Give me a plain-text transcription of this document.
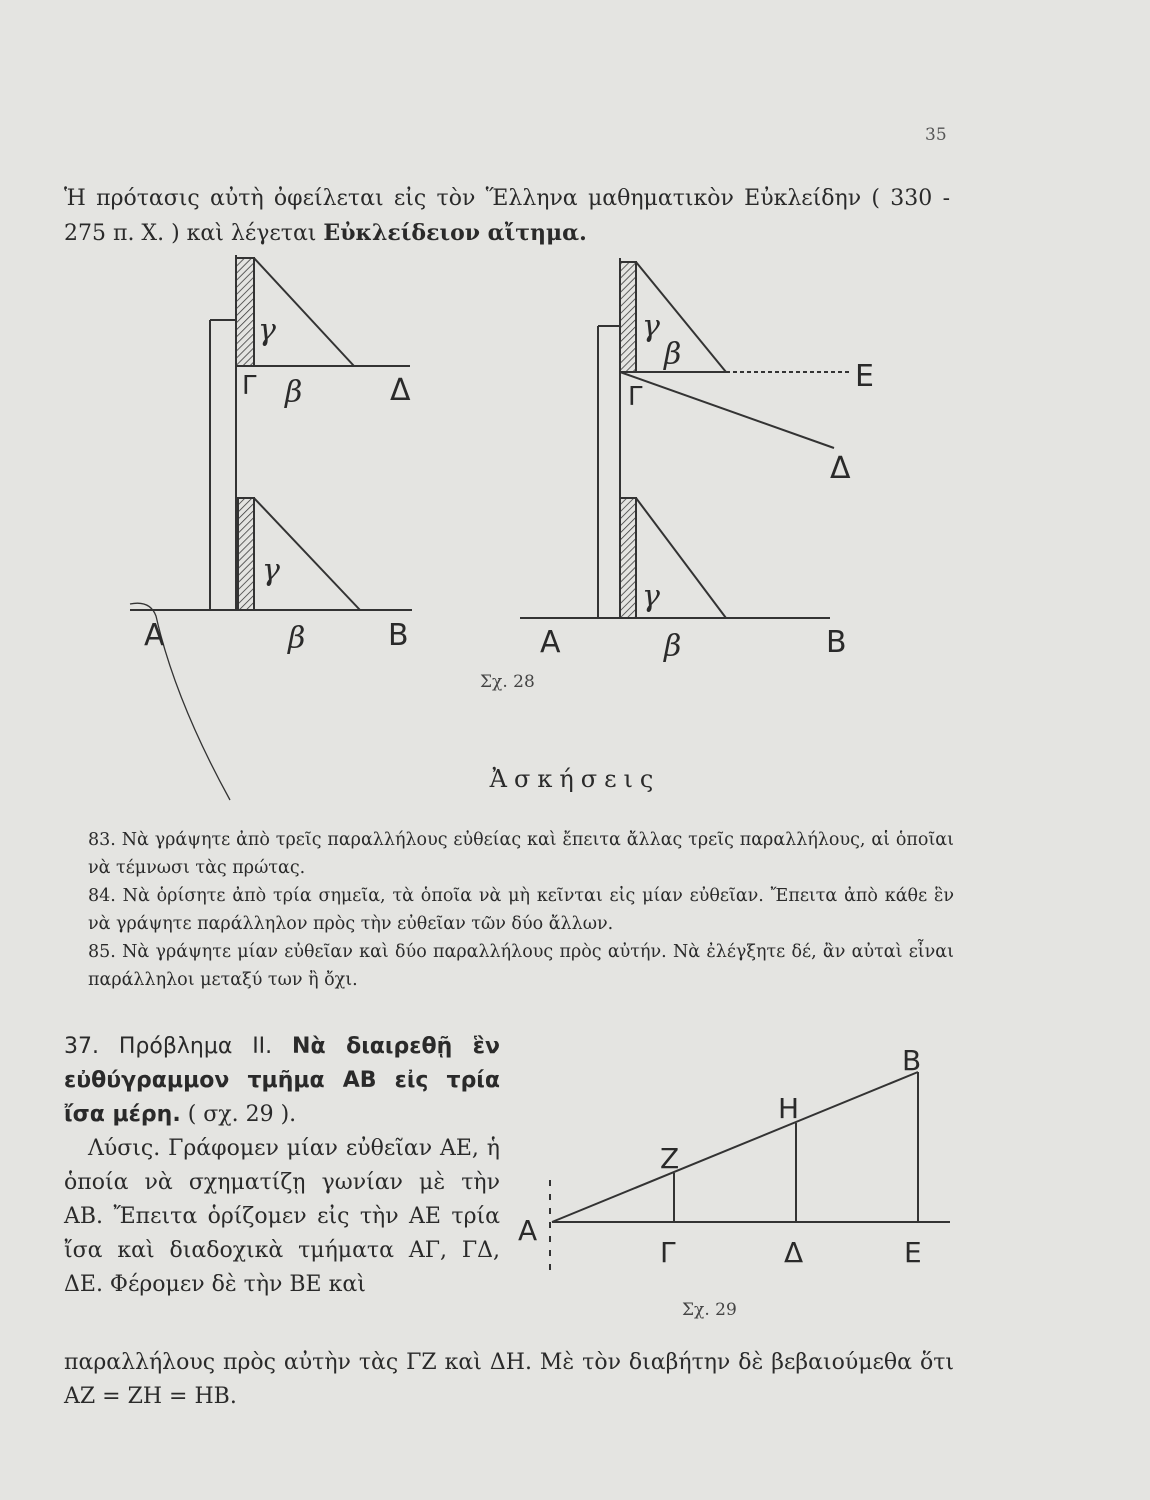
35
Ἡ πρότασις αὐτὴ ὀφείλεται εἰς τὸν Ἕλληνα μαθηματικὸν Εὐκλείδην ( 330 - 275 π. Χ. ) καὶ λέγεται Εὐκλείδειον αἴτημα.
γ
Γ β	Δ
γ
Α	β	Β
γ
β
Ε
Γ
Δ
γ
Α	β	Β
Σχ. 28
Ἀσκήσεις

83. Νὰ γράψητε ἀπὸ τρεῖς παραλλήλους εὐθείας καὶ ἔπειτα ἄλλας τρεῖς παραλλήλους, αἱ ὁποῖαι νὰ τέμνωσι τὰς πρώτας.

84. Νὰ ὁρίσητε ἀπὸ τρία σημεῖα, τὰ ὁποῖα νὰ μὴ κεῖνται εἰς μίαν εὐθεῖαν. Ἔπειτα ἀπὸ κάθε ἓν νὰ γράψητε παράλληλον πρὸς τὴν εὐθεῖαν τῶν δύο ἄλλων.

85. Νὰ γράψητε μίαν εὐθεῖαν καὶ δύο παραλλήλους πρὸς αὐτήν. Νὰ ἐλέγξητε δέ, ἂν αὐταὶ εἶναι παράλληλοι μεταξύ των ἢ ὄχι.

37. Πρόβλημα ΙΙ. Νὰ διαιρεθῇ ἓν εὐθύγραμμον τμῆμα ΑΒ εἰς τρία ἴσα μέρη. ( σχ. 29 ).

Λύσις. Γράφομεν μίαν εὐθεῖαν ΑΕ, ἡ ὁποία νὰ σχηματίζῃ γωνίαν μὲ τὴν ΑΒ. Ἔπειτα ὁρίζομεν εἰς τὴν ΑΕ τρία ἴσα καὶ διαδοχικὰ τμήματα ΑΓ, ΓΔ, ΔΕ. Φέρομεν δὲ τὴν ΒΕ καὶ

παραλλήλους πρὸς αὐτὴν τὰς ΓΖ καὶ ΔΗ. Μὲ τὸν διαβήτην δὲ βεβαιούμεθα ὅτι ΑΖ = ΖΗ = ΗΒ.
Α
Γ	Δ	Ε
Ζ
Η
Β
Σχ. 29
